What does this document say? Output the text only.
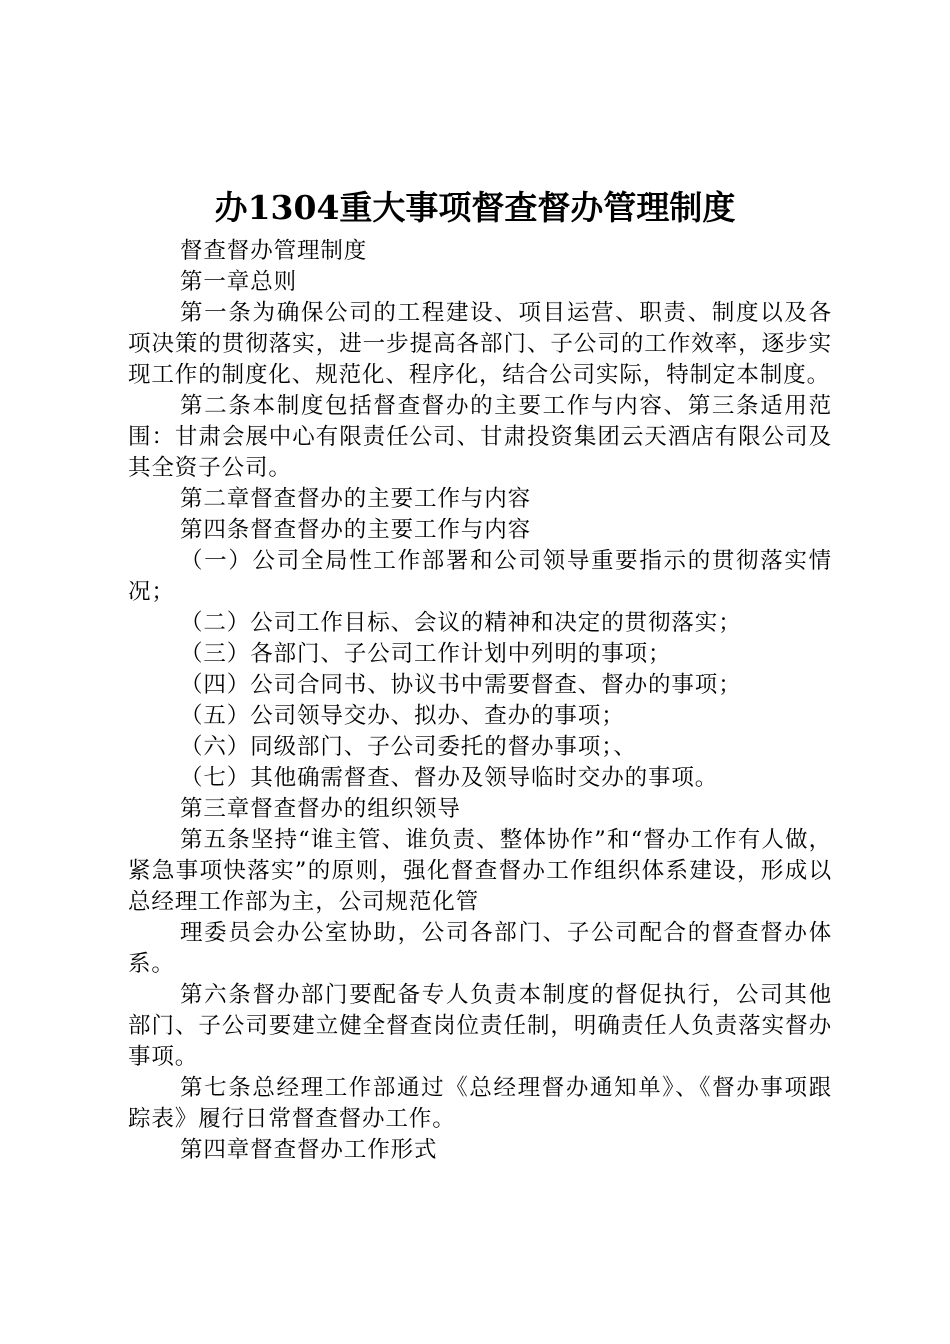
办1304重大事项督查督办管理制度

督查督办管理制度

第一章总则

第一条为确保公司的工程建设、项目运营、职责、制度以及各项决策的贯彻落实，进一步提高各部门、子公司的工作效率，逐步实现工作的制度化、规范化、程序化，结合公司实际，特制定本制度。

第二条本制度包括督查督办的主要工作与内容、第三条适用范围：甘肃会展中心有限责任公司、甘肃投资集团云天酒店有限公司及其全资子公司。

第二章督查督办的主要工作与内容

第四条督查督办的主要工作与内容

（一）公司全局性工作部署和公司领导重要指示的贯彻落实情况；

（二）公司工作目标、会议的精神和决定的贯彻落实；

（三）各部门、子公司工作计划中列明的事项；

（四）公司合同书、协议书中需要督查、督办的事项；

（五）公司领导交办、拟办、查办的事项；

（六）同级部门、子公司委托的督办事项；、

（七）其他确需督查、督办及领导临时交办的事项。

第三章督查督办的组织领导

第五条坚持“谁主管、谁负责、整体协作”和“督办工作有人做，紧急事项快落实”的原则，强化督查督办工作组织体系建设，形成以总经理工作部为主，公司规范化管

理委员会办公室协助，公司各部门、子公司配合的督查督办体系。

第六条督办部门要配备专人负责本制度的督促执行，公司其他部门、子公司要建立健全督查岗位责任制，明确责任人负责落实督办事项。

第七条总经理工作部通过《总经理督办通知单》、《督办事项跟踪表》履行日常督查督办工作。

第四章督查督办工作形式
